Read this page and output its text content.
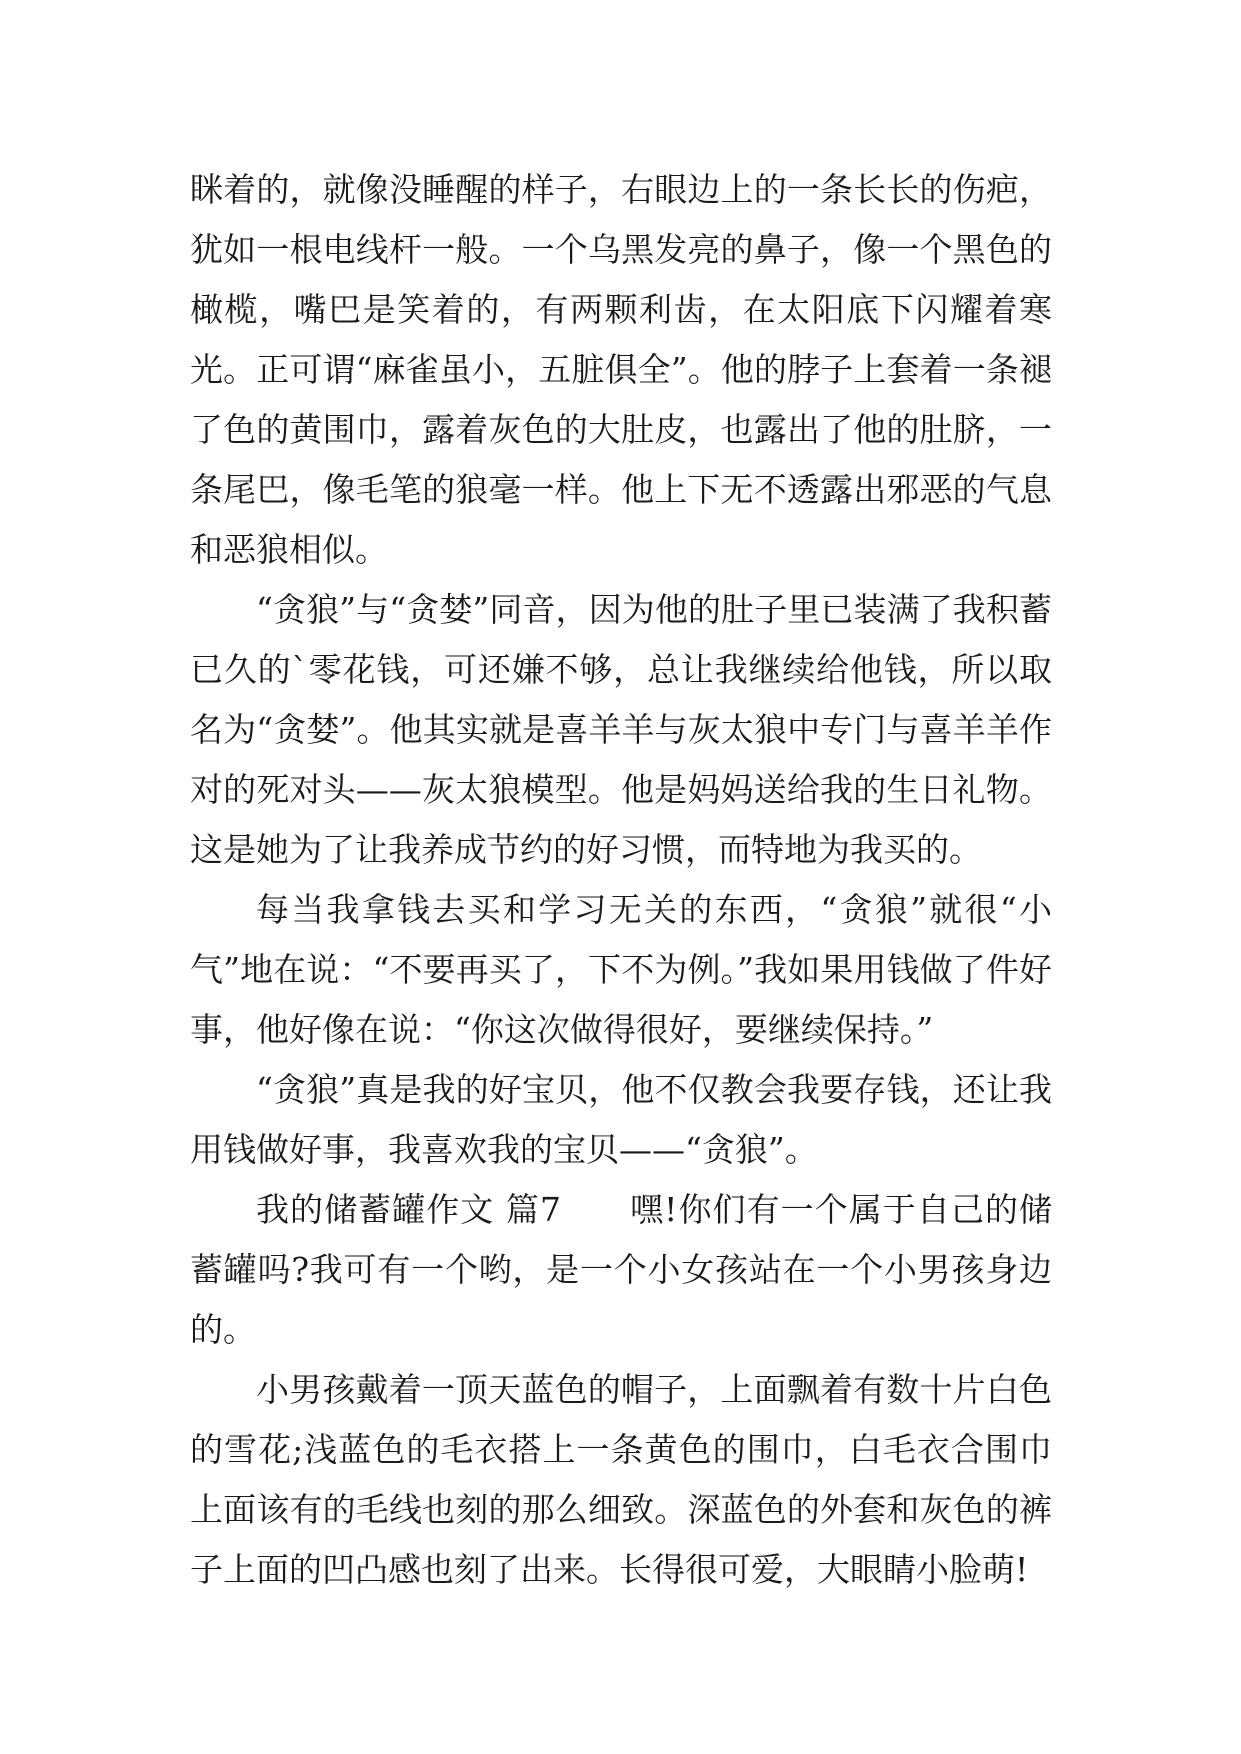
眯着的，就像没睡醒的样子，右眼边上的一条长长的伤疤，犹如一根电线杆一般。一个乌黑发亮的鼻子，像一个黑色的橄榄，嘴巴是笑着的，有两颗利齿，在太阳底下闪耀着寒光。正可谓“麻雀虽小，五脏俱全”。他的脖子上套着一条褪了色的黄围巾，露着灰色的大肚皮，也露出了他的肚脐，一条尾巴，像毛笔的狼毫一样。他上下无不透露出邪恶的气息和恶狼相似。

“贪狼”与“贪婪”同音，因为他的肚子里已装满了我积蓄已久的`零花钱，可还嫌不够，总让我继续给他钱，所以取名为“贪婪”。他其实就是喜羊羊与灰太狼中专门与喜羊羊作对的死对头——灰太狼模型。他是妈妈送给我的生日礼物。这是她为了让我养成节约的好习惯，而特地为我买的。

每当我拿钱去买和学习无关的东西，“贪狼”就很“小气”地在说：“不要再买了，下不为例。”我如果用钱做了件好事，他好像在说：“你这次做得很好，要继续保持。”

“贪狼”真是我的好宝贝，他不仅教会我要存钱，还让我用钱做好事，我喜欢我的宝贝——“贪狼”。

我的储蓄罐作文 篇7　　嘿!你们有一个属于自己的储蓄罐吗?我可有一个哟，是一个小女孩站在一个小男孩身边的。

小男孩戴着一顶天蓝色的帽子，上面飘着有数十片白色的雪花;浅蓝色的毛衣搭上一条黄色的围巾，白毛衣合围巾上面该有的毛线也刻的那么细致。深蓝色的外套和灰色的裤子上面的凹凸感也刻了出来。长得很可爱，大眼睛小脸萌!
